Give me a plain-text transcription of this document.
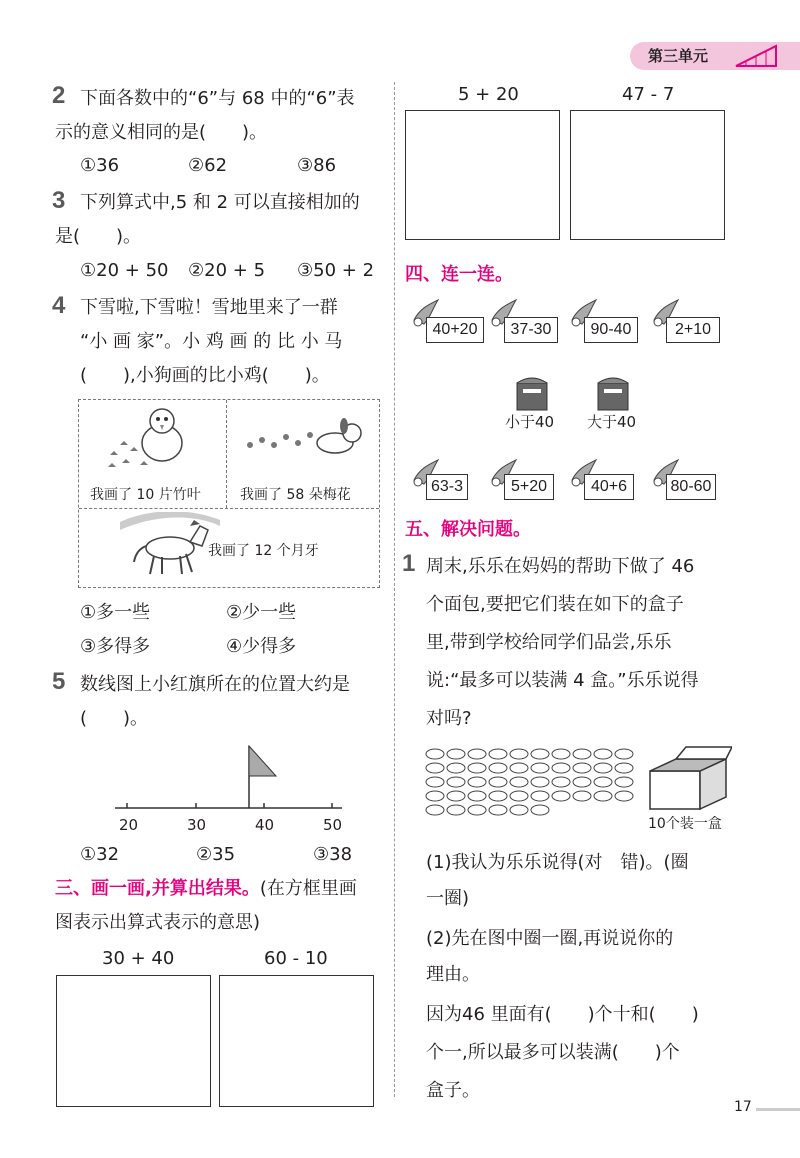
第三单元
2 下面各数中的“6”与 68 中的“6”表
示的意义相同的是(　　)。
①36	②62	③86
3 下列算式中,5 和 2 可以直接相加的
是(　　)。
①20 + 50 ②20 + 5 ③50 + 2
4 下雪啦,下雪啦！雪地里来了一群
“小 画 家”。小 鸡 画 的 比 小 马
(　　),小狗画的比小鸡(　　)。
我画了 10 片竹叶	我画了 58 朵梅花
我画了 12 个月牙
①多一些	②少一些
③多得多	④少得多
5 数线图上小红旗所在的位置大约是
(　　)。
20	30	40	50
①32	②35	③38
三、画一画,并算出结果。(在方框里画
图表示出算式表示的意思)
30 + 40	60 - 10
5 + 20	47 - 7
四、连一连。
40+20
63-3
37-30
5+20
90-40
40+6
2+10
80-60
小于40 大于40
五、解决问题。
1 周末,乐乐在妈妈的帮助下做了 46
个面包,要把它们装在如下的盒子
里,带到学校给同学们品尝,乐乐
说:“最多可以装满 4 盒。”乐乐说得
对吗?
10个装一盒
(1)我认为乐乐说得(对　错)。(圈
一圈)
(2)先在图中圈一圈,再说说你的
理由。
因为46 里面有(　　)个十和(　　)
个一,所以最多可以装满(　　)个
盒子。
17
